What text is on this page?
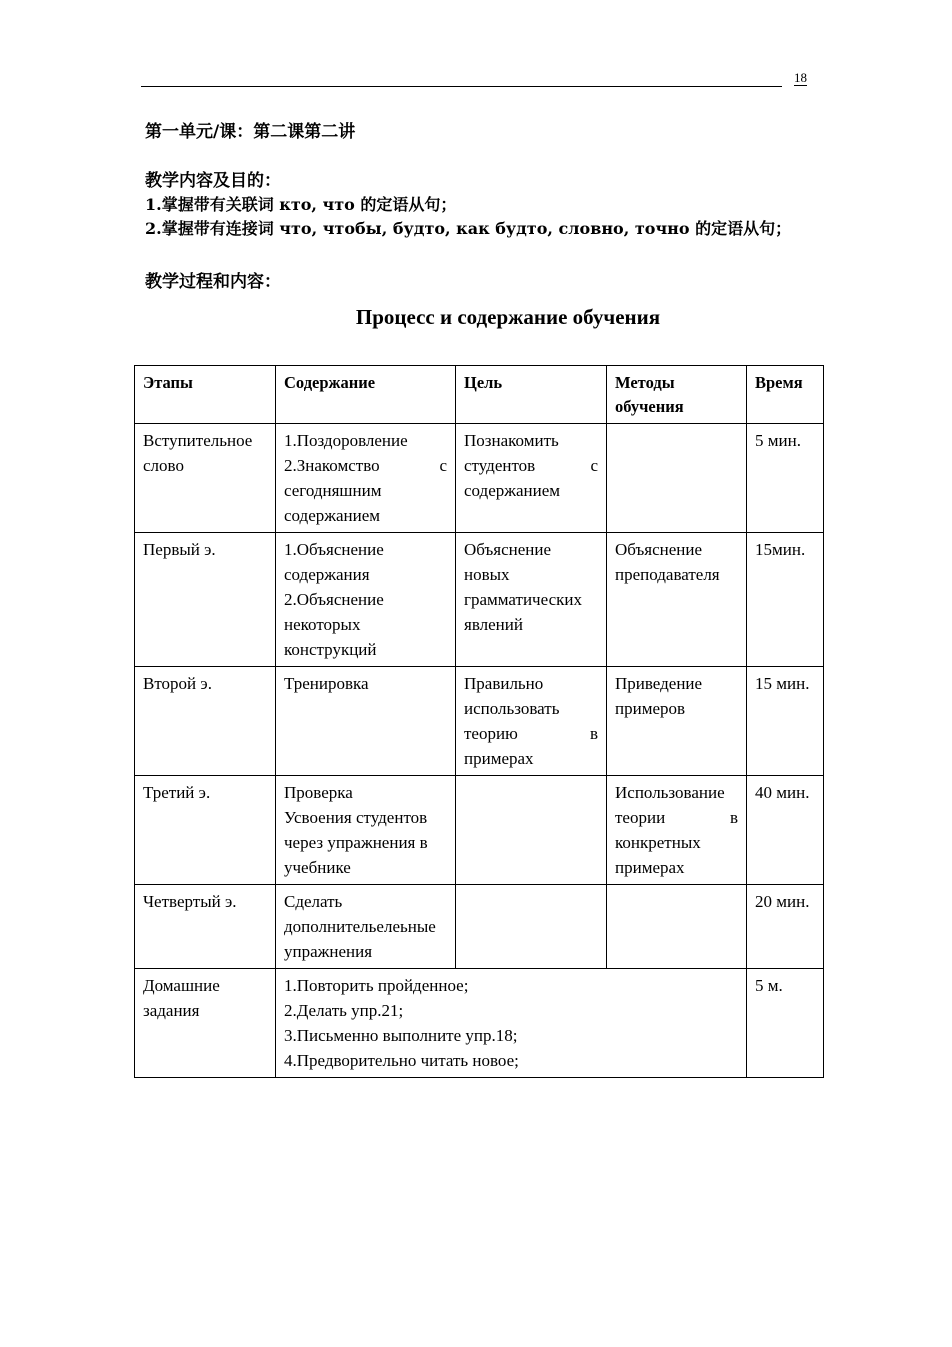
18
第一单元/课：第二课第二讲
教学内容及目的：
1.掌握带有关联词 кто, что 的定语从句；
2.掌握带有连接词 что, чтобы, будто, как будто, словно, точно 的定语从句；
教学过程和内容：
Процесс и содержание обучения
Этапы	Содержание	Цель	Методы обучения	Время
Вступительное слово	1.Поздоровление
2.Знакомство с сегодняшним содержанием	Познакомить студентов с содержанием		5 мин.
Первый э.	1.Объяснение содержания
2.Объяснение некоторых конструкций	Объяснение новых грамматических явлений	Объяснение преподавателя	15мин.
Второй э.	Тренировка	Правильно использовать теорию в примерах	Приведение примеров	15 мин.
Третий э.	Проверка
Усвоения студентов через упражнения в учебнике		Использование теории в конкретных примерах	40 мин.
Четвертый э.	Сделать дополнительелеьные упражнения			20 мин.
Домашние задания	1.Повторить пройденное;
2.Делать упр.21;
3.Письменно выполните упр.18;
4.Предворительно читать новое;			5 м.
